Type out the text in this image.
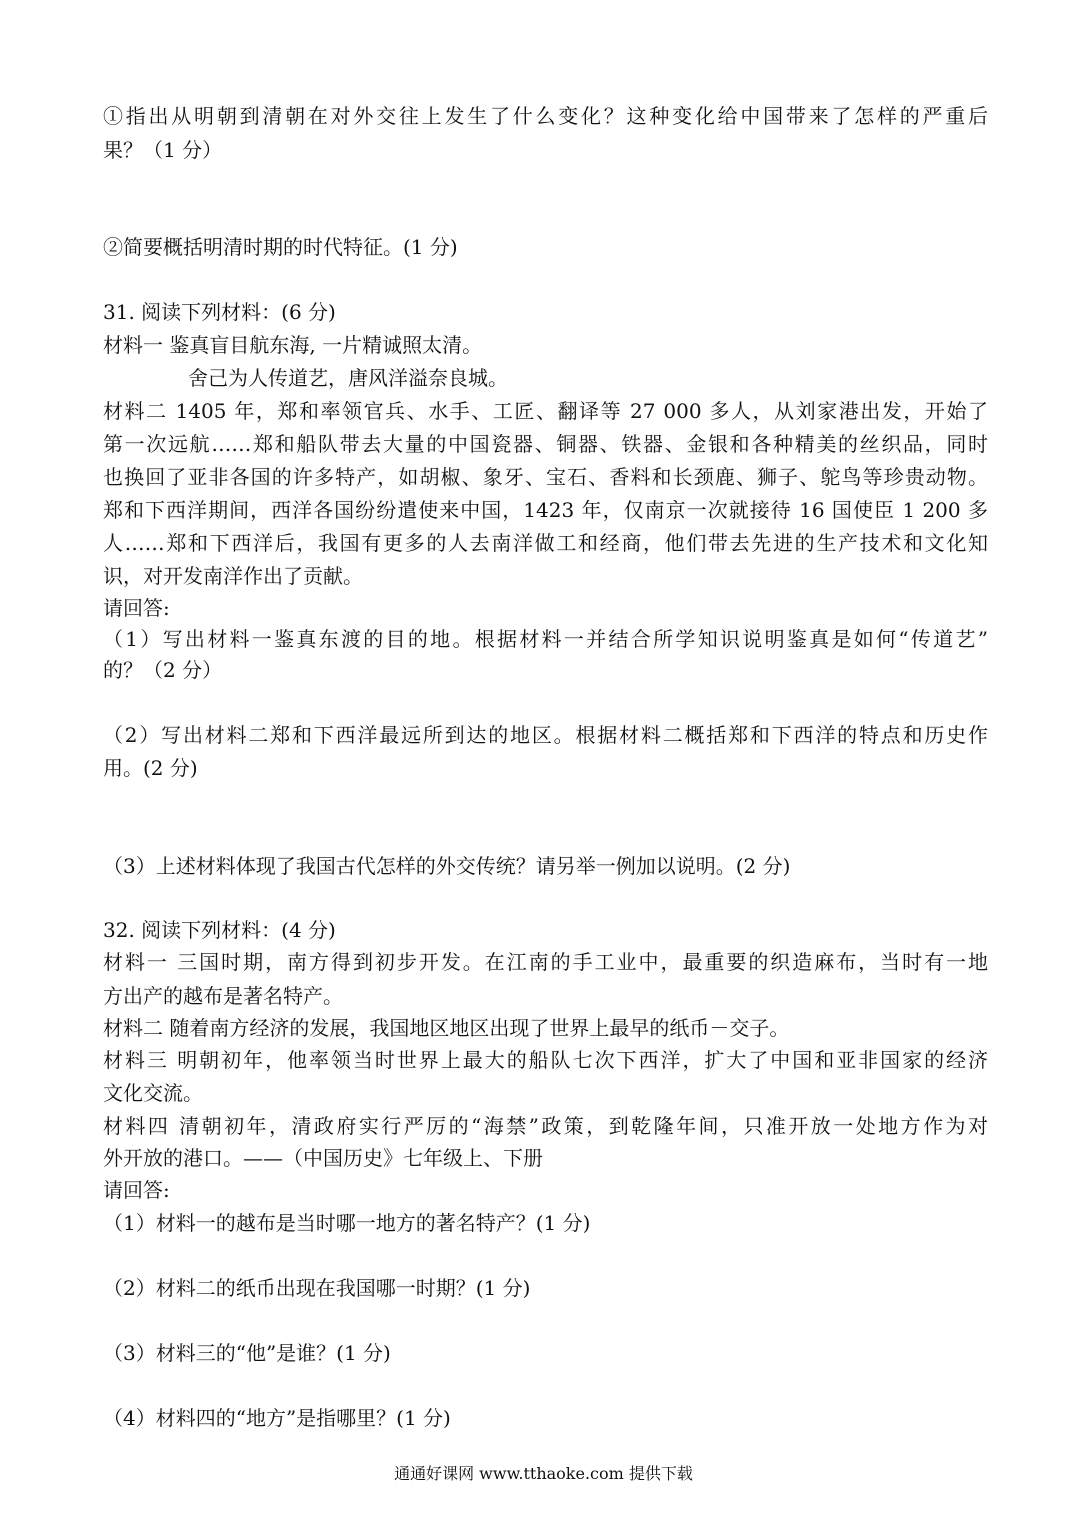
①指出从明朝到清朝在对外交往上发生了什么变化？这种变化给中国带来了怎样的严重后
果？（1 分）
②简要概括明清时期的时代特征。(1 分)
31. 阅读下列材料：(6 分)
材料一 鉴真盲目航东海, 一片精诚照太清。
舍己为人传道艺，唐风洋溢奈良城。
材料二 1405 年，郑和率领官兵、水手、工匠、翻译等 27 000 多人，从刘家港出发，开始了
第一次远航……郑和船队带去大量的中国瓷器、铜器、铁器、金银和各种精美的丝织品，同时
也换回了亚非各国的许多特产，如胡椒、象牙、宝石、香料和长颈鹿、狮子、鸵鸟等珍贵动物。
郑和下西洋期间，西洋各国纷纷遣使来中国，1423 年，仅南京一次就接待 16 国使臣 1 200 多
人……郑和下西洋后，我国有更多的人去南洋做工和经商，他们带去先进的生产技术和文化知
识，对开发南洋作出了贡献。
请回答:
（1）写出材料一鉴真东渡的目的地。根据材料一并结合所学知识说明鉴真是如何“传道艺”
的？（2 分）
（2）写出材料二郑和下西洋最远所到达的地区。根据材料二概括郑和下西洋的特点和历史作
用。(2 分)
（3）上述材料体现了我国古代怎样的外交传统？请另举一例加以说明。(2 分)
32. 阅读下列材料：(4 分)
材料一 三国时期，南方得到初步开发。在江南的手工业中，最重要的织造麻布，当时有一地
方出产的越布是著名特产。
材料二 随着南方经济的发展，我国地区地区出现了世界上最早的纸币－交子。
材料三 明朝初年，他率领当时世界上最大的船队七次下西洋，扩大了中国和亚非国家的经济
文化交流。
材料四 清朝初年，清政府实行严厉的“海禁”政策，到乾隆年间，只准开放一处地方作为对
外开放的港口。——（中国历史》七年级上、下册
请回答:
（1）材料一的越布是当时哪一地方的著名特产？(1 分)
（2）材料二的纸币出现在我国哪一时期？(1 分)
（3）材料三的“他”是谁？(1 分)
（4）材料四的“地方”是指哪里？(1 分)
通通好课网 www.tthaoke.com 提供下载
